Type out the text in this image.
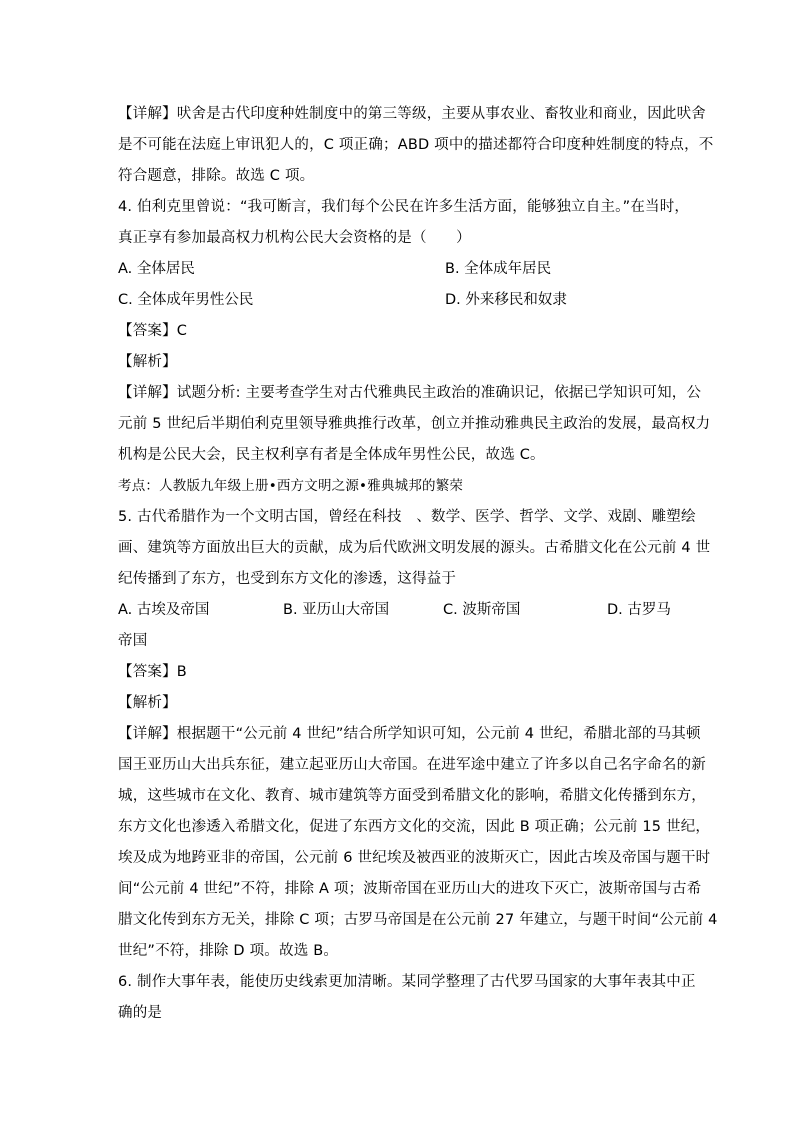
【详解】吠舍是古代印度种姓制度中的第三等级，主要从事农业、畜牧业和商业，因此吠舍
是不可能在法庭上审讯犯人的，C 项正确；ABD 项中的描述都符合印度种姓制度的特点，不
符合题意，排除。故选 C 项。
4. 伯利克里曾说：“我可断言，我们每个公民在许多生活方面，能够独立自主。”在当时，
真正享有参加最高权力机构公民大会资格的是（　　）
A. 全体居民	B. 全体成年居民
C. 全体成年男性公民	D. 外来移民和奴隶
【答案】C
【解析】
【详解】试题分析: 主要考查学生对古代雅典民主政治的准确识记，依据已学知识可知，公
元前 5 世纪后半期伯利克里领导雅典推行改革，创立并推动雅典民主政治的发展，最高权力
机构是公民大会，民主权利享有者是全体成年男性公民，故选 C。
考点：人教版九年级上册•西方文明之源•雅典城邦的繁荣
5. 古代希腊作为一个文明古国，曾经在科技　、数学、医学、哲学、文学、戏剧、雕塑绘
画、建筑等方面放出巨大的贡献，成为后代欧洲文明发展的源头。古希腊文化在公元前 4 世
纪传播到了东方，也受到东方文化的渗透，这得益于
A. 古埃及帝国	B. 亚历山大帝国	C. 波斯帝国	D. 古罗马
帝国
【答案】B
【解析】
【详解】根据题干“公元前 4 世纪”结合所学知识可知，公元前 4 世纪，希腊北部的马其顿
国王亚历山大出兵东征，建立起亚历山大帝国。在进军途中建立了许多以自己名字命名的新
城，这些城市在文化、教育、城市建筑等方面受到希腊文化的影响，希腊文化传播到东方，
东方文化也渗透入希腊文化，促进了东西方文化的交流，因此 B 项正确；公元前 15 世纪，
埃及成为地跨亚非的帝国，公元前 6 世纪埃及被西亚的波斯灭亡，因此古埃及帝国与题干时
间“公元前 4 世纪”不符，排除 A 项；波斯帝国在亚历山大的进攻下灭亡，波斯帝国与古希
腊文化传到东方无关，排除 C 项；古罗马帝国是在公元前 27 年建立，与题干时间“公元前 4
世纪”不符，排除 D 项。故选 B。
6. 制作大事年表，能使历史线索更加清晰。某同学整理了古代罗马国家的大事年表其中正
确的是
